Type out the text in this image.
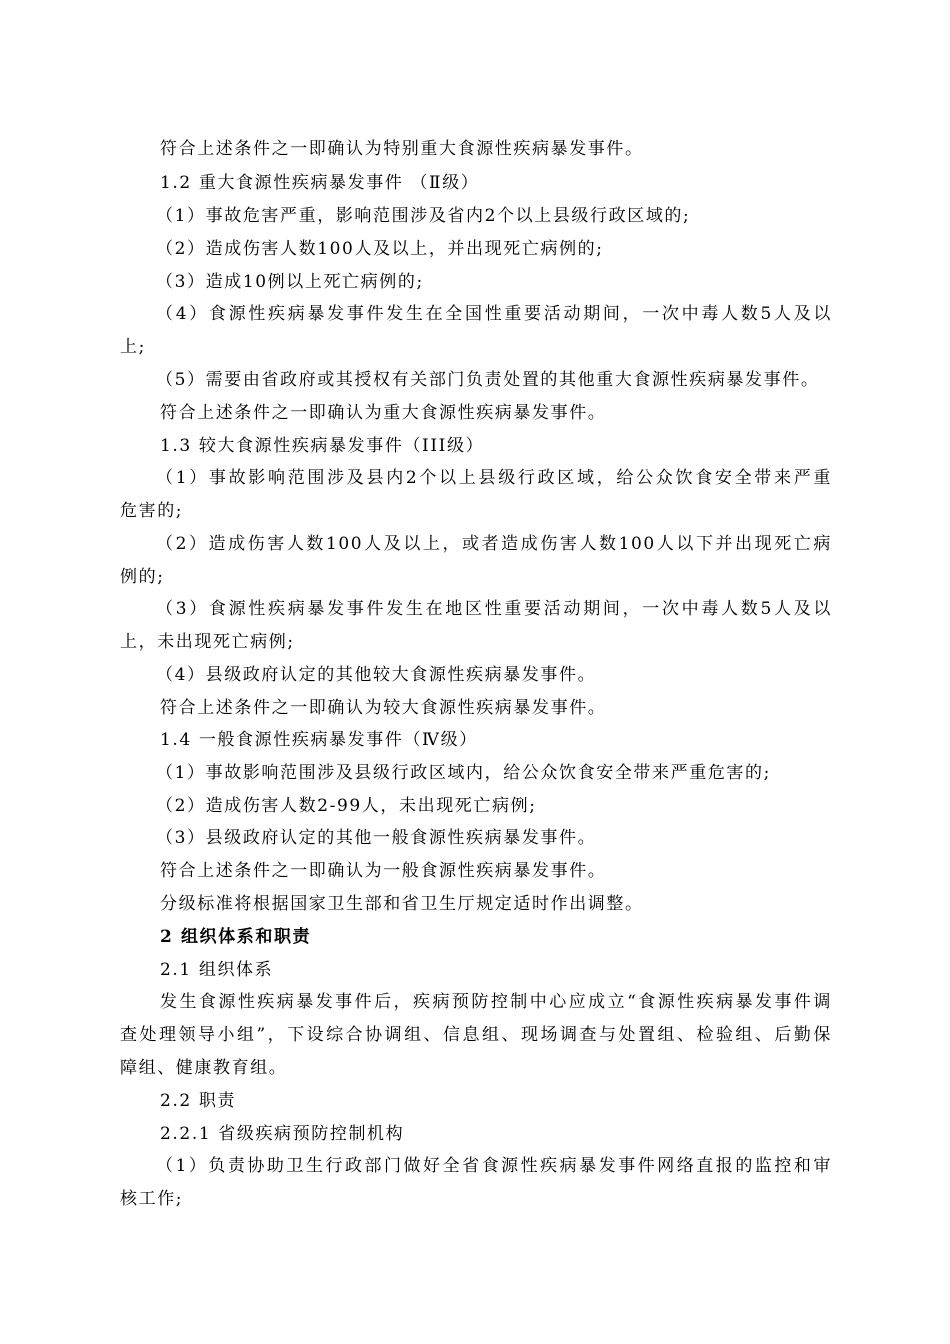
符合上述条件之一即确认为特别重大食源性疾病暴发事件。
1.2 重大食源性疾病暴发事件 （Ⅱ级）
（1）事故危害严重，影响范围涉及省内2个以上县级行政区域的;
（2）造成伤害人数100人及以上，并出现死亡病例的;
（3）造成10例以上死亡病例的;
（4）食源性疾病暴发事件发生在全国性重要活动期间，一次中毒人数5人及以
上;
（5）需要由省政府或其授权有关部门负责处置的其他重大食源性疾病暴发事件。
符合上述条件之一即确认为重大食源性疾病暴发事件。
1.3 较大食源性疾病暴发事件（III级）
（1）事故影响范围涉及县内2个以上县级行政区域，给公众饮食安全带来严重
危害的;
（2）造成伤害人数100人及以上，或者造成伤害人数100人以下并出现死亡病
例的;
（3）食源性疾病暴发事件发生在地区性重要活动期间，一次中毒人数5人及以
上，未出现死亡病例;
（4）县级政府认定的其他较大食源性疾病暴发事件。
符合上述条件之一即确认为较大食源性疾病暴发事件。
1.4 一般食源性疾病暴发事件（Ⅳ级）
（1）事故影响范围涉及县级行政区域内，给公众饮食安全带来严重危害的;
（2）造成伤害人数2-99人，未出现死亡病例;
（3）县级政府认定的其他一般食源性疾病暴发事件。
符合上述条件之一即确认为一般食源性疾病暴发事件。
分级标准将根据国家卫生部和省卫生厅规定适时作出调整。
2 组织体系和职责
2.1 组织体系
发生食源性疾病暴发事件后，疾病预防控制中心应成立“食源性疾病暴发事件调
查处理领导小组”，下设综合协调组、信息组、现场调查与处置组、检验组、后勤保
障组、健康教育组。
2.2 职责
2.2.1 省级疾病预防控制机构
（1）负责协助卫生行政部门做好全省食源性疾病暴发事件网络直报的监控和审
核工作;
